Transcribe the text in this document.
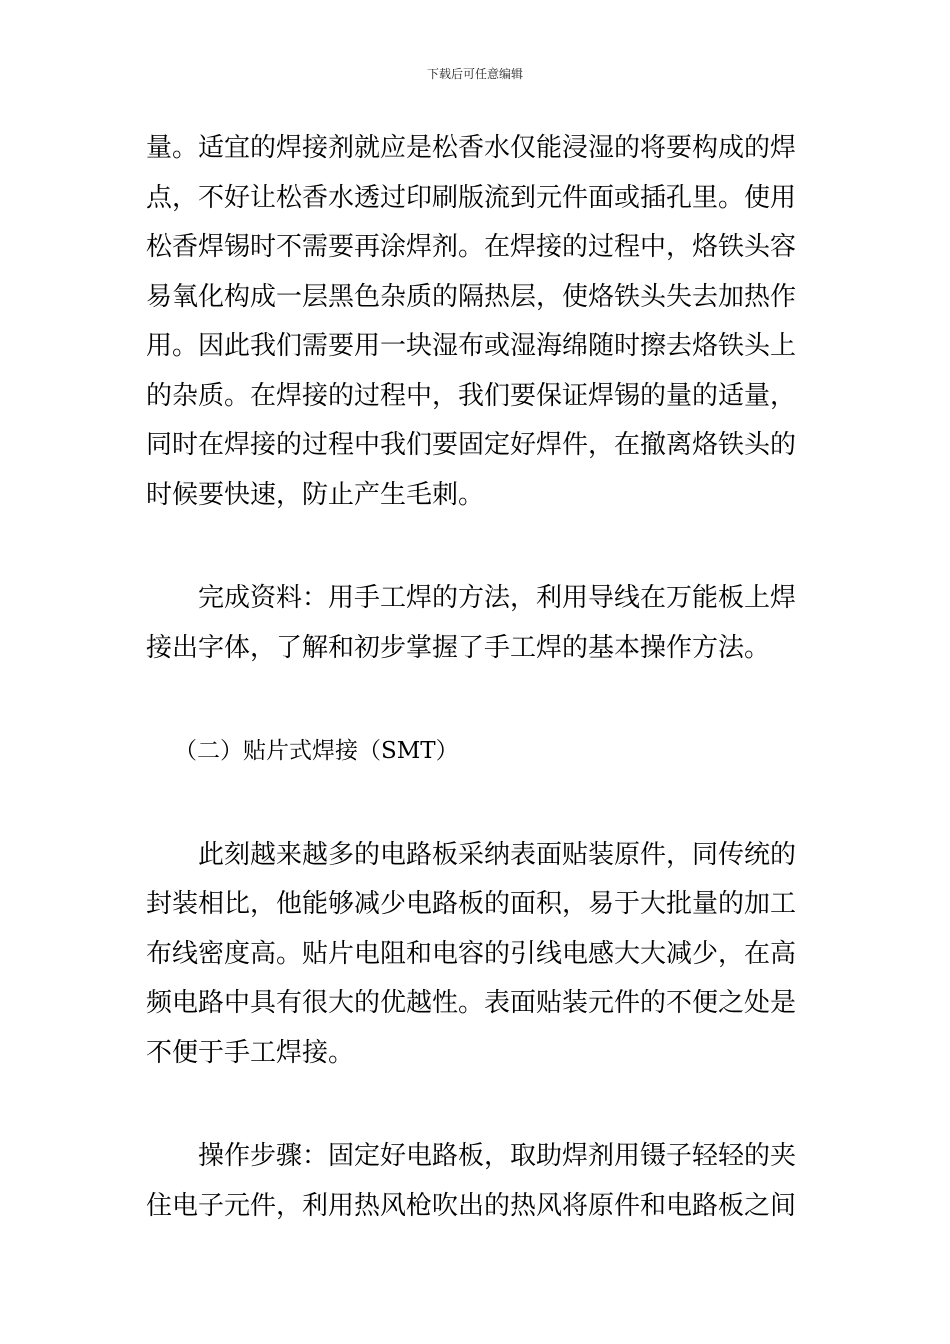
下载后可任意编辑

量。适宜的焊接剂就应是松香水仅能浸湿的将要构成的焊
点，不好让松香水透过印刷版流到元件面或插孔里。使用
松香焊锡时不需要再涂焊剂。在焊接的过程中，烙铁头容
易氧化构成一层黑色杂质的隔热层，使烙铁头失去加热作
用。因此我们需要用一块湿布或湿海绵随时擦去烙铁头上
的杂质。在焊接的过程中，我们要保证焊锡的量的适量，
同时在焊接的过程中我们要固定好焊件，在撤离烙铁头的
时候要快速，防止产生毛刺。

　　完成资料：用手工焊的方法，利用导线在万能板上焊
接出字体，了解和初步掌握了手工焊的基本操作方法。

（二）贴片式焊接（SMT）

　　此刻越来越多的电路板采纳表面贴装原件，同传统的
封装相比，他能够减少电路板的面积，易于大批量的加工
布线密度高。贴片电阻和电容的引线电感大大减少，在高
频电路中具有很大的优越性。表面贴装元件的不便之处是
不便于手工焊接。

　　操作步骤：固定好电路板，取助焊剂用镊子轻轻的夹
住电子元件，利用热风枪吹出的热风将原件和电路板之间
